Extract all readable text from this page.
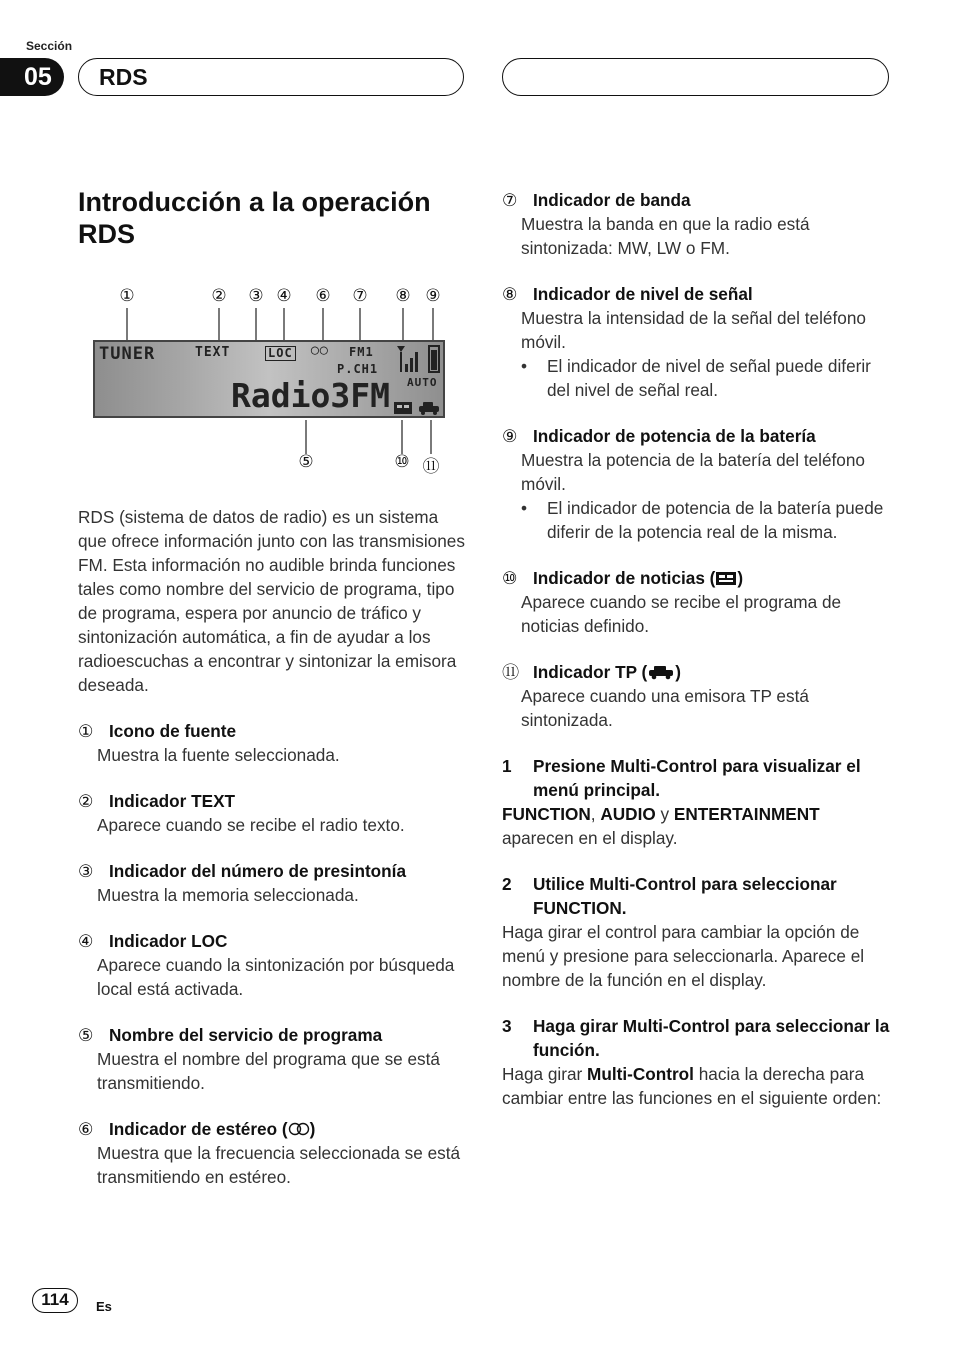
Sección
05	RDS
Introducción a la operación RDS
①	② ③ ④ ⑥ ⑦ ⑧ ⑨
TUNER	TEXT	LOC ◯◯ FM1
P.CH1
AUTO
Radio3FM
⑤	⑩ ⑪

RDS (sistema de datos de radio) es un sistema que ofrece información junto con las transmisiones FM. Esta información no audible brinda funciones tales como nombre del servicio de programa, tipo de programa, espera por anuncio de tráfico y sintonización automática, a fin de ayudar a los radioescuchas a encontrar y sintonizar la emisora deseada.

① Icono de fuente
Muestra la fuente seleccionada.
② Indicador TEXT
Aparece cuando se recibe el radio texto.
③ Indicador del número de presintonía
Muestra la memoria seleccionada.
④ Indicador LOC
Aparece cuando la sintonización por búsqueda local está activada.
⑤ Nombre del servicio de programa
Muestra el nombre del programa que se está transmitiendo.
⑥ Indicador de estéreo ( )
Muestra que la frecuencia seleccionada se está transmitiendo en estéreo.
⑦ Indicador de banda
Muestra la banda en que la radio está sintonizada: MW, LW o FM.
⑧ Indicador de nivel de señal
Muestra la intensidad de la señal del teléfono móvil.
•	El indicador de nivel de señal puede diferir del nivel de señal real.
⑨ Indicador de potencia de la batería
Muestra la potencia de la batería del teléfono móvil.
•	El indicador de potencia de la batería puede diferir de la potencia real de la misma.
⑩ Indicador de noticias ( )
Aparece cuando se recibe el programa de noticias definido.
⑪ Indicador TP ( )
Aparece cuando una emisora TP está sintonizada.
1	Presione Multi-Control para visualizar el menú principal.

FUNCTION, AUDIO y ENTERTAINMENT aparecen en el display.

2	Utilice Multi-Control para seleccionar FUNCTION.

Haga girar el control para cambiar la opción de menú y presione para seleccionarla. Aparece el nombre de la función en el display.

3	Haga girar Multi-Control para seleccionar la función.

Haga girar Multi-Control hacia la derecha para cambiar entre las funciones en el siguiente orden:

114	Es
